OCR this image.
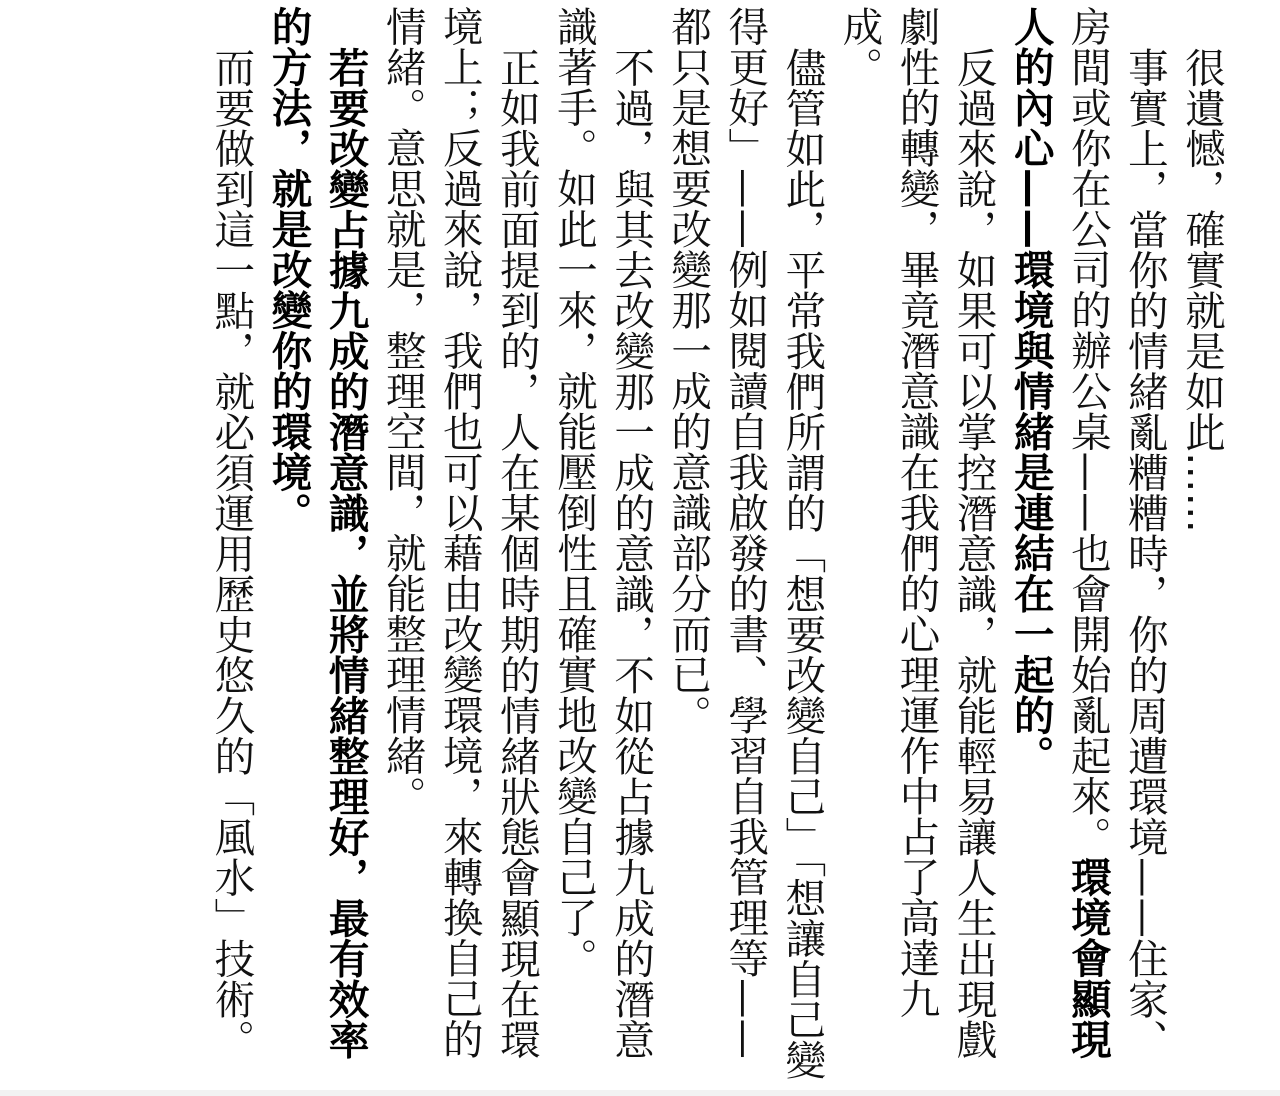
很遺憾，確實就是如此……

事實上，當你的情緒亂糟糟時，你的周遭環境——住家、房間或你在公司的辦公桌——也會開始亂起來。環境會顯現人的內心——環境與情緒是連結在一起的。

反過來說，如果可以掌控潛意識，就能輕易讓人生出現戲劇性的轉變，畢竟潛意識在我們的心理運作中占了高達九成。

儘管如此，平常我們所謂的「想要改變自己」「想讓自己變得更好」——例如閱讀自我啟發的書、學習自我管理等——都只是想要改變那一成的意識部分而已。

不過，與其去改變那一成的意識，不如從占據九成的潛意識著手。如此一來，就能壓倒性且確實地改變自己了。

正如我前面提到的，人在某個時期的情緒狀態會顯現在環境上；反過來說，我們也可以藉由改變環境，來轉換自己的情緒。意思就是，整理空間，就能整理情緒。

若要改變占據九成的潛意識，並將情緒整理好，最有效率的方法，就是改變你的環境。

而要做到這一點，就必須運用歷史悠久的「風水」技術。
